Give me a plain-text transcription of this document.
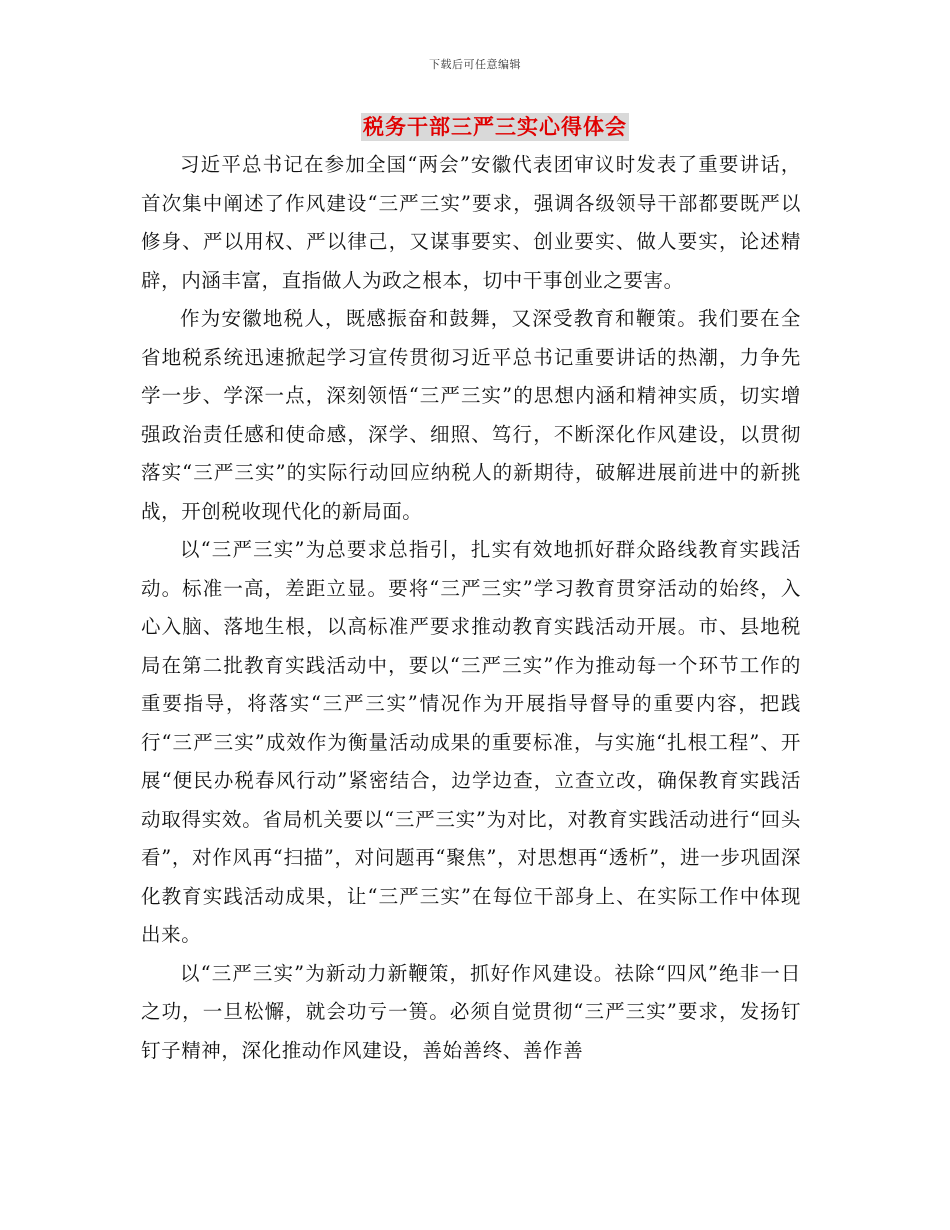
下载后可任意编辑
税务干部三严三实心得体会

习近平总书记在参加全国“两会”安徽代表团审议时发表了重要讲话，首次集中阐述了作风建设“三严三实”要求，强调各级领导干部都要既严以修身、严以用权、严以律己，又谋事要实、创业要实、做人要实，论述精辟，内涵丰富，直指做人为政之根本，切中干事创业之要害。

作为安徽地税人，既感振奋和鼓舞，又深受教育和鞭策。我们要在全省地税系统迅速掀起学习宣传贯彻习近平总书记重要讲话的热潮，力争先学一步、学深一点，深刻领悟“三严三实”的思想内涵和精神实质，切实增强政治责任感和使命感，深学、细照、笃行，不断深化作风建设，以贯彻落实“三严三实”的实际行动回应纳税人的新期待，破解进展前进中的新挑战，开创税收现代化的新局面。

以“三严三实”为总要求总指引，扎实有效地抓好群众路线教育实践活动。标准一高，差距立显。要将“三严三实”学习教育贯穿活动的始终，入心入脑、落地生根，以高标准严要求推动教育实践活动开展。市、县地税局在第二批教育实践活动中，要以“三严三实”作为推动每一个环节工作的重要指导，将落实“三严三实”情况作为开展指导督导的重要内容，把践行“三严三实”成效作为衡量活动成果的重要标准，与实施“扎根工程”、开展“便民办税春风行动”紧密结合，边学边查，立查立改，确保教育实践活动取得实效。省局机关要以“三严三实”为对比，对教育实践活动进行“回头看”，对作风再“扫描”，对问题再“聚焦”，对思想再“透析”，进一步巩固深化教育实践活动成果，让“三严三实”在每位干部身上、在实际工作中体现出来。

以“三严三实”为新动力新鞭策，抓好作风建设。祛除“四风”绝非一日之功，一旦松懈，就会功亏一篑。必须自觉贯彻“三严三实”要求，发扬钉钉子精神，深化推动作风建设，善始善终、善作善
